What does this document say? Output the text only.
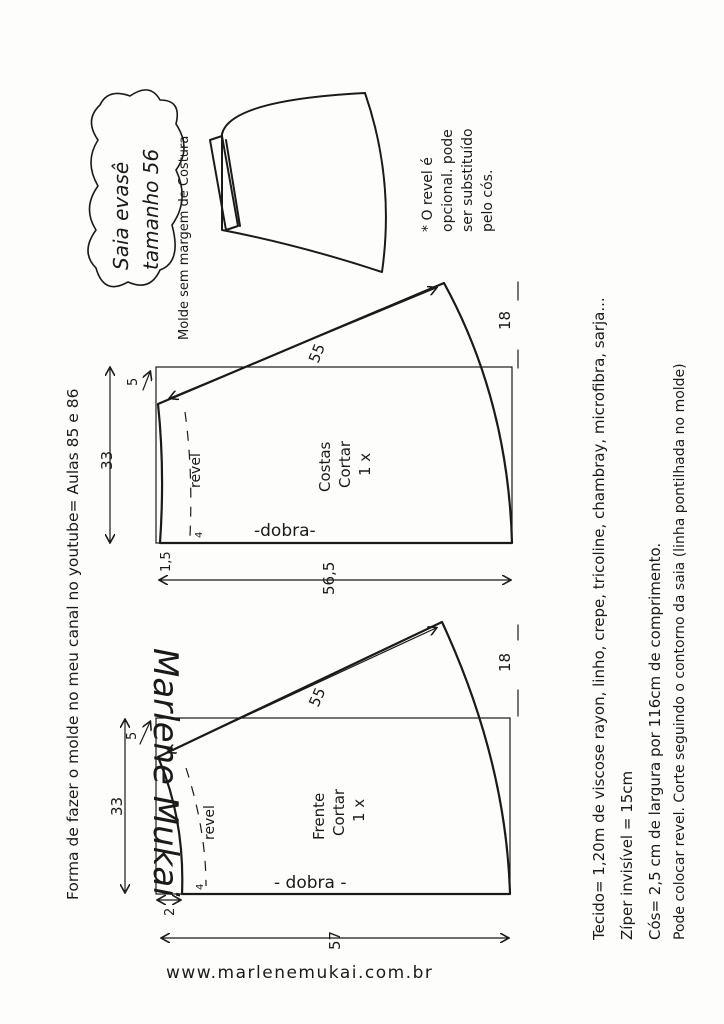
Saia evasê tamanho 56
Forma de fazer o molde no meu canal no youtube= Aulas 85 e 86
Molde sem margem de Costura	* O revel é opcional. pode ser substituído pelo cós.
33
18
56,5
55
5
1,5
4
revel	Costas Cortar 1 x
-dobra-
33
18
57
55
5
2
4
revel	Frente Cortar 1 x
- dobra -
Marlene Mukai	Tecido= 1,20m de viscose rayon, linho, crepe, tricoline, chambray, microfibra, sarja... Zíper invisível = 15cm Cós= 2,5 cm de largura por 116cm de comprimento. Pode colocar revel. Corte seguindo o contorno da saia (linha pontilhada no molde)
www.marlenemukai.com.br
